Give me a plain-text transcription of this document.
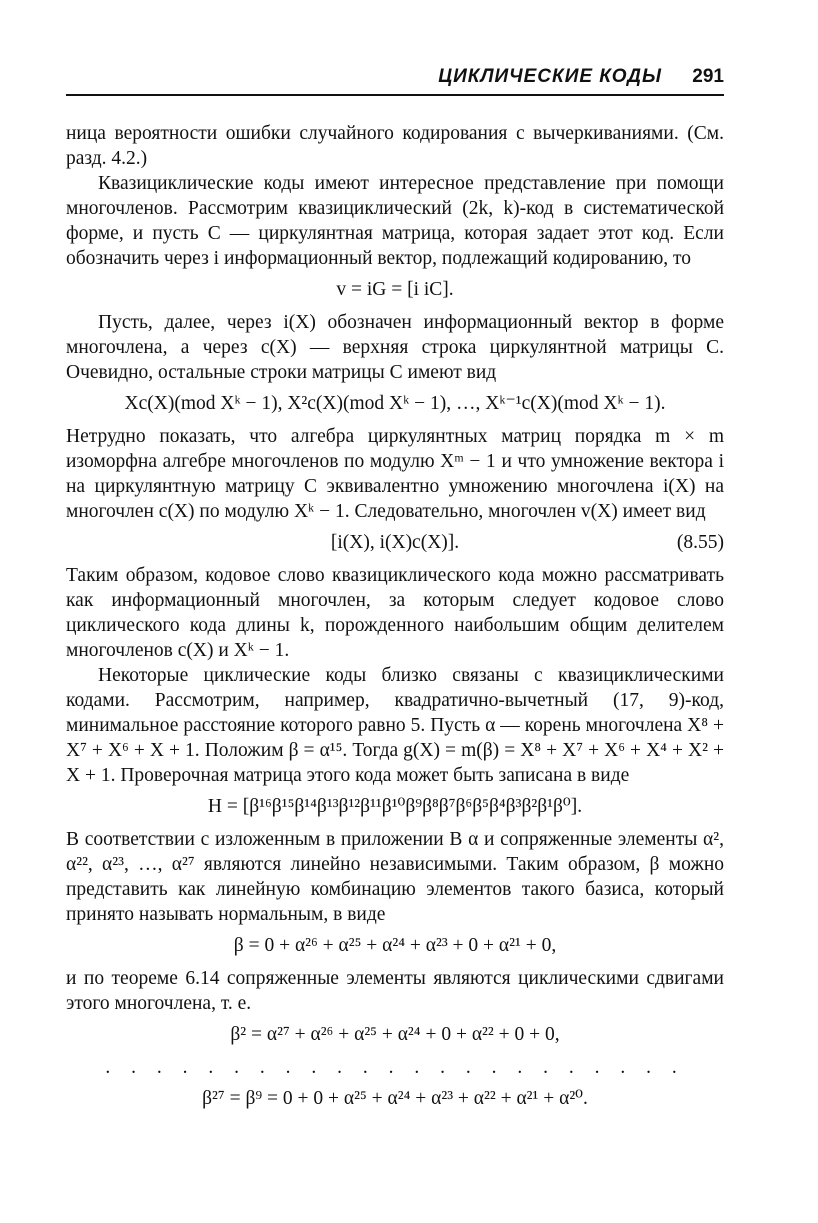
ЦИКЛИЧЕСКИЕ КОДЫ 291

ница вероятности ошибки случайного кодирования с вычеркиваниями. (См. разд. 4.2.)

Квазициклические коды имеют интересное представление при помощи многочленов. Рассмотрим квазициклический (2k, k)-код в систематической форме, и пусть C — циркулянтная матрица, которая задает этот код. Если обозначить через i информационный вектор, подлежащий кодированию, то

v = iG = [i iC].

Пусть, далее, через i(X) обозначен информационный вектор в форме многочлена, а через c(X) — верхняя строка циркулянтной матрицы C. Очевидно, остальные строки матрицы C имеют вид

Xc(X)(mod Xᵏ − 1), X²c(X)(mod Xᵏ − 1), …, Xᵏ⁻¹c(X)(mod Xᵏ − 1).

Нетрудно показать, что алгебра циркулянтных матриц порядка m × m изоморфна алгебре многочленов по модулю Xᵐ − 1 и что умножение вектора i на циркулянтную матрицу C эквивалентно умножению многочлена i(X) на многочлен c(X) по модулю Xᵏ − 1. Следовательно, многочлен v(X) имеет вид

[i(X), i(X)c(X)].	(8.55)

Таким образом, кодовое слово квазициклического кода можно рассматривать как информационный многочлен, за которым следует кодовое слово циклического кода длины k, порожденного наибольшим общим делителем многочленов c(X) и Xᵏ − 1.

Некоторые циклические коды близко связаны с квазициклическими кодами. Рассмотрим, например, квадратично-вычетный (17, 9)-код, минимальное расстояние которого равно 5. Пусть α — корень многочлена X⁸ + X⁷ + X⁶ + X + 1. Положим β = α¹⁵. Тогда g(X) = m(β) = X⁸ + X⁷ + X⁶ + X⁴ + X² + X + 1. Проверочная матрица этого кода может быть записана в виде

H = [β¹⁶β¹⁵β¹⁴β¹³β¹²β¹¹β¹⁰β⁹β⁸β⁷β⁶β⁵β⁴β³β²β¹β⁰].

В соответствии с изложенным в приложении В α и сопряженные элементы α², α²², α²³, …, α²⁷ являются линейно независимыми. Таким образом, β можно представить как линейную комбинацию элементов такого базиса, который принято называть нормальным, в виде

β = 0 + α²⁶ + α²⁵ + α²⁴ + α²³ + 0 + α²¹ + 0,

и по теореме 6.14 сопряженные элементы являются циклическими сдвигами этого многочлена, т. е.

β² = α²⁷ + α²⁶ + α²⁵ + α²⁴ + 0 + α²² + 0 + 0,
. . . . . . . . . . . . . . . . . . . . . . .
β²⁷ = β⁹ = 0 + 0 + α²⁵ + α²⁴ + α²³ + α²² + α²¹ + α²⁰.
